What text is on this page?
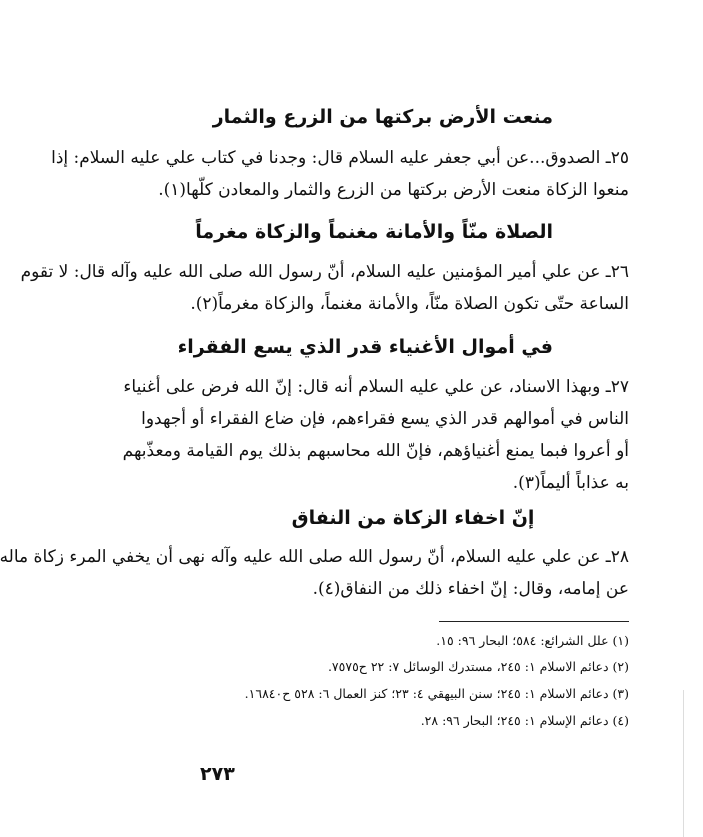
منعت الأرض بركتها من الزرع والثمار
٢٥ـ الصدوق...عن أبي جعفر عليه السلام قال: وجدنا في كتاب علي عليه السلام: إذا
منعوا الزكاة منعت الأرض بركتها من الزرع والثمار والمعادن كلّها(١).
الصلاة منّاً والأمانة مغنماً والزكاة مغرماً
٢٦ـ عن علي أمير المؤمنين عليه السلام، أنّ رسول الله صلى الله عليه وآله قال: لا تقوم
الساعة حتّى تكون الصلاة منّاً، والأمانة مغنماً، والزكاة مغرماً(٢).
في أموال الأغنياء قدر الذي يسع الفقراء
٢٧ـ وبهذا الاسناد، عن علي عليه السلام أنه قال: إنّ الله فرض على أغنياء
الناس في أموالهم قدر الذي يسع فقراءهم، فإن ضاع الفقراء أو أجهدوا
أو أعروا فبما يمنع أغنياؤهم، فإنّ الله محاسبهم بذلك يوم القيامة ومعذّبهم
به عذاباً أليماً(٣).
إنّ اخفاء الزكاة من النفاق
٢٨ـ عن علي عليه السلام، أنّ رسول الله صلى الله عليه وآله نهى أن يخفي المرء زكاة ماله
عن إمامه، وقال: إنّ اخفاء ذلك من النفاق(٤).
(١) علل الشرائع: ٥٨٤؛ البحار ٩٦: ١٥.
(٢) دعائم الاسلام ١: ٢٤٥، مستدرك الوسائل ٧: ٢٢ ح٧٥٧٥.
(٣) دعائم الاسلام ١: ٢٤٥؛ سنن البيهقي ٤: ٢٣؛ كنز العمال ٦: ٥٢٨ ح١٦٨٤٠.
(٤) دعائم الإسلام ١: ٢٤٥؛ البحار ٩٦: ٢٨.
٢٧٣
